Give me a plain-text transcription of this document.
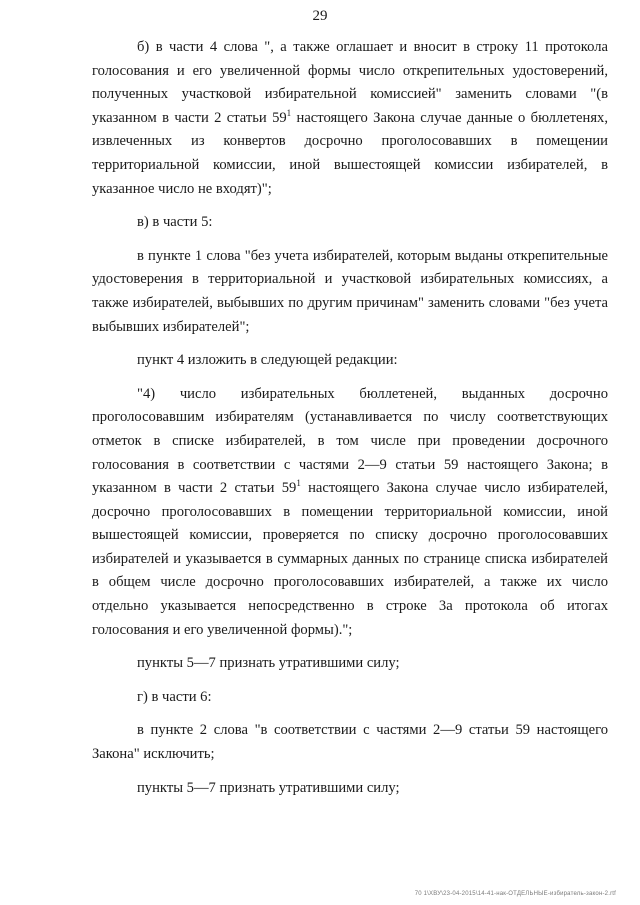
29

б) в части 4 слова ", а также оглашает и вносит в строку 11 протокола голосования и его увеличенной формы число открепительных удостоверений, полученных участковой избирательной комиссией" заменить словами "(в указанном в части 2 статьи $59^1$ настоящего Закона случае данные о бюллетенях, извлеченных из конвертов досрочно проголосовавших в помещении территориальной комиссии, иной вышестоящей комиссии избирателей, в указанное число не входят)";

в) в части 5:

в пункте 1 слова "без учета избирателей, которым выданы открепительные удостоверения в территориальной и участковой избирательных комиссиях, а также избирателей, выбывших по другим причинам" заменить словами "без учета выбывших избирателей";

пункт 4 изложить в следующей редакции:

"4) число избирательных бюллетеней, выданных досрочно проголосовавшим избирателям (устанавливается по числу соответствующих отметок в списке избирателей, в том числе при проведении досрочного голосования в соответствии с частями 2—9 статьи 59 настоящего Закона; в указанном в части 2 статьи $59^1$ настоящего Закона случае число избирателей, досрочно проголосовавших в помещении территориальной комиссии, иной вышестоящей комиссии, проверяется по списку досрочно проголосовавших избирателей и указывается в суммарных данных по странице списка избирателей в общем числе досрочно проголосовавших избирателей, а также их число отдельно указывается непосредственно в строке 3а протокола об итогах голосования и его увеличенной формы).";

пункты 5—7 признать утратившими силу;

г) в части 6:

в пункте 2 слова "в соответствии с частями 2—9 статьи 59 настоящего Закона" исключить;

пункты 5—7 признать утратившими силу;

70 1\ХВУ\23-04-2015\14-41-нак-ОТДЕЛЬНЫЕ-избиратель-закон-2.rtf
